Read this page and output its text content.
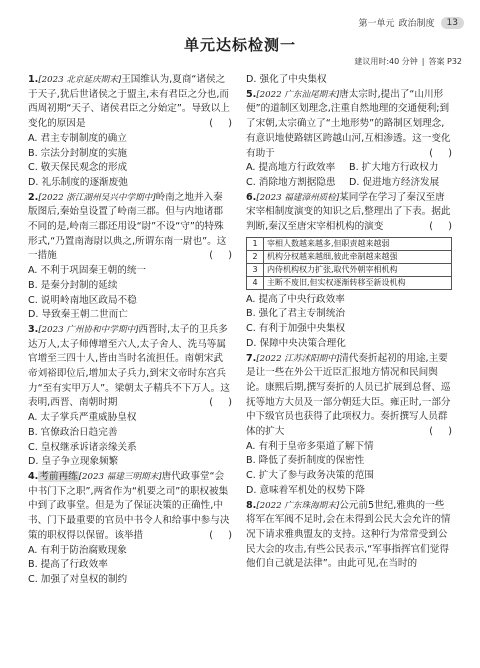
第一单元 政治制度	13
单元达标检测一
建议用时:40 分钟 | 答案 P32

1.[2023 北京延庆期末]王国维认为,夏商“诸侯之于天子,犹后世诸侯之于盟主,未有君臣之分也,而西周初期“天子、诸侯君臣之分始定”。导致以上变化的原因是	(     )

A. 君主专制制度的确立
B. 宗法分封制度的实施
C. 敬天保民观念的形成
D. 礼乐制度的逐渐废弛

2.[2022 浙江湖州吴兴中学期中]岭南之地并入秦版图后,秦始皇设置了岭南三郡。但与内地诸郡不同的是,岭南三郡还用设“尉”不设“守”的特殊形式,“乃置南海尉以典之,所谓东南一尉也”。这一措施	(     )

A. 不利于巩固秦王朝的统一
B. 是秦分封制的延续
C. 说明岭南地区政局不稳
D. 导致秦王朝二世而亡

3.[2023 广州协和中学期中]西晋时,太子的卫兵多达万人,太子师傅增至六人,太子舍人、洗马等属官增至三四十人,皆由当时名流担任。南朝宋武帝刘裕即位后,增加太子兵力,到宋文帝时东宫兵力“至有实甲万人”。梁朝太子精兵不下万人。这表明,西晋、南朝时期	(     )

A. 太子掌兵严重威胁皇权
B. 官僚政治日趋完善
C. 皇权继承诉诸亲缘关系
D. 皇子争立现象频繁

4.考前再练[2023 福建三明期末]唐代政事堂“会中书门下之职”,两省作为“机要之司”的职权被集中到了政事堂。但是为了保证决策的正确性,中书、门下最重要的官员中书令人和给事中参与决策的职权得以保留。该举措	(     )

A. 有利于防治腐败现象
B. 提高了行政效率
C. 加强了对皇权的制约
D. 强化了中央集权

5.[2022 广东汕尾期末]唐太宗时,提出了“山川形便”的道制区划理念,注重自然地理的交通便利;到了宋朝,太宗确立了“土地形势”的路制区划理念,有意识地使路辖区跨越山河,互相渗透。这一变化有助于	(     )

A. 提高地方行政效率	B. 扩大地方行政权力
C. 消除地方割据隐患	D. 促进地方经济发展

6.[2023 福建漳州质检]某同学在学习了秦汉至唐宋宰相制度演变的知识之后,整理出了下表。据此判断,秦汉至唐宋宰相机构的演变	(     )

1	宰相人数越来越多,但职责越来越弱
2	机构分权越来越细,彼此牵制越来越强
3	内侍机构权力扩张,取代外朝宰相机构
4	主断不废旧,但实权逐渐转移至新设机构
A. 提高了中央行政效率
B. 强化了君主专制统治
C. 有利于加强中央集权
D. 保障中央决策合理化

7.[2022 江苏沭阳期中]清代奏折起初的用途,主要是让一些在外公干近臣汇报地方情况和民间舆论。康熙后期,撰写奏折的人员已扩展到总督、巡抚等地方大员及一部分朝廷大臣。雍正时,一部分中下级官员也获得了此项权力。奏折撰写人员群体的扩大	(     )

A. 有利于皇帝多渠道了解下情
B. 降低了奏折制度的保密性
C. 扩大了参与政务决策的范围
D. 意味着军机处的权势下降

8.[2022 广东珠海期末]公元前5世纪,雅典的一些将军在军阀不足时,会在未得到公民大会允许的情况下请求雅典盟友的支持。这种行为常常受到公民大会的攻击,有些公民表示,“军事指挥官们觉得他们自己就是法律”。由此可见,在当时的
